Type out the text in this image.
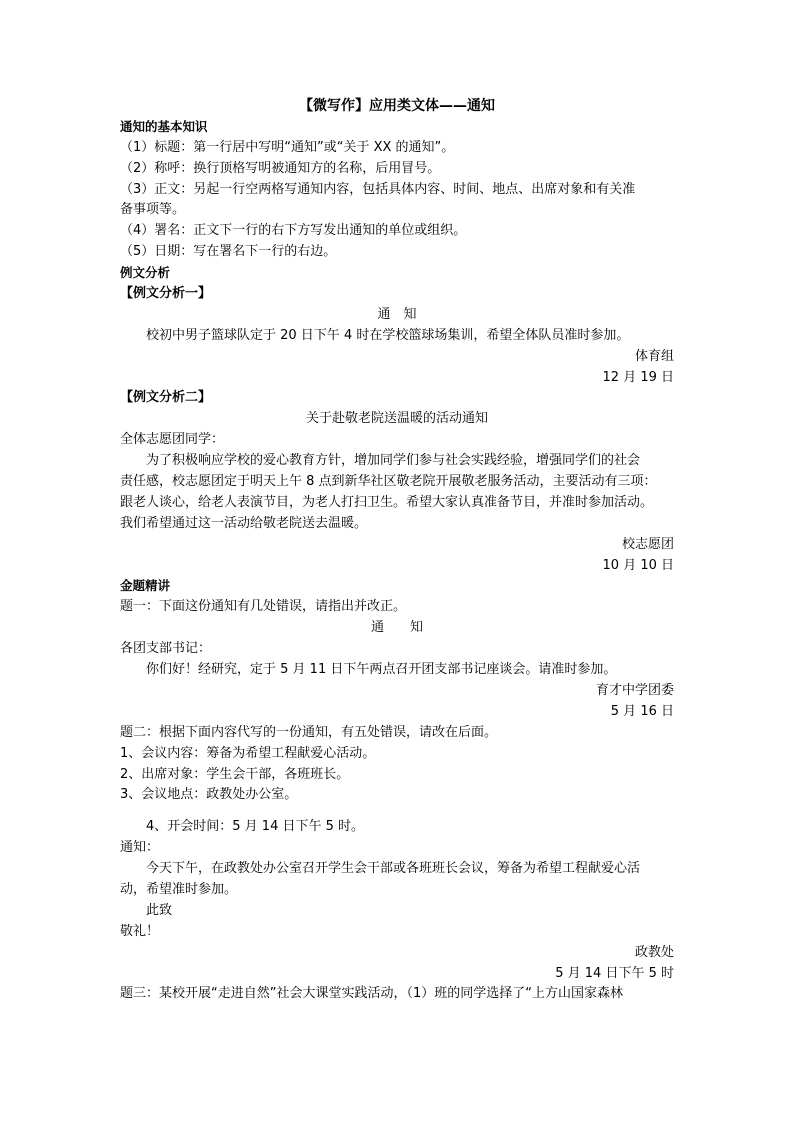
【微写作】应用类文体——通知
通知的基本知识
（1）标题：第一行居中写明“通知”或“关于 XX 的通知”。
（2）称呼：换行顶格写明被通知方的名称，后用冒号。
（3）正文：另起一行空两格写通知内容，包括具体内容、时间、地点、出席对象和有关准
备事项等。
（4）署名：正文下一行的右下方写发出通知的单位或组织。
（5）日期：写在署名下一行的右边。
例文分析
【例文分析一】
通　知
校初中男子篮球队定于 20 日下午 4 时在学校篮球场集训，希望全体队员准时参加。
体育组
12 月 19 日
【例文分析二】
关于赴敬老院送温暖的活动通知
全体志愿团同学：
为了积极响应学校的爱心教育方针，增加同学们参与社会实践经验，增强同学们的社会
责任感，校志愿团定于明天上午 8 点到新华社区敬老院开展敬老服务活动，主要活动有三项：
跟老人谈心，给老人表演节目，为老人打扫卫生。希望大家认真准备节目，并准时参加活动。
我们希望通过这一活动给敬老院送去温暖。
校志愿团
10 月 10 日
金题精讲
题一：下面这份通知有几处错误，请指出并改正。
通　　知
各团支部书记：
你们好！经研究，定于 5 月 11 日下午两点召开团支部书记座谈会。请准时参加。
育才中学团委
5 月 16 日
题二：根据下面内容代写的一份通知，有五处错误，请改在后面。
1、会议内容：筹备为希望工程献爱心活动。
2、出席对象：学生会干部，各班班长。
3、会议地点：政教处办公室。
4、开会时间：5 月 14 日下午 5 时。
通知：
今天下午，在政教处办公室召开学生会干部或各班班长会议，筹备为希望工程献爱心活
动，希望准时参加。
此致
敬礼！
政教处
5 月 14 日下午 5 时
题三：某校开展“走进自然”社会大课堂实践活动，（1）班的同学选择了“上方山国家森林
